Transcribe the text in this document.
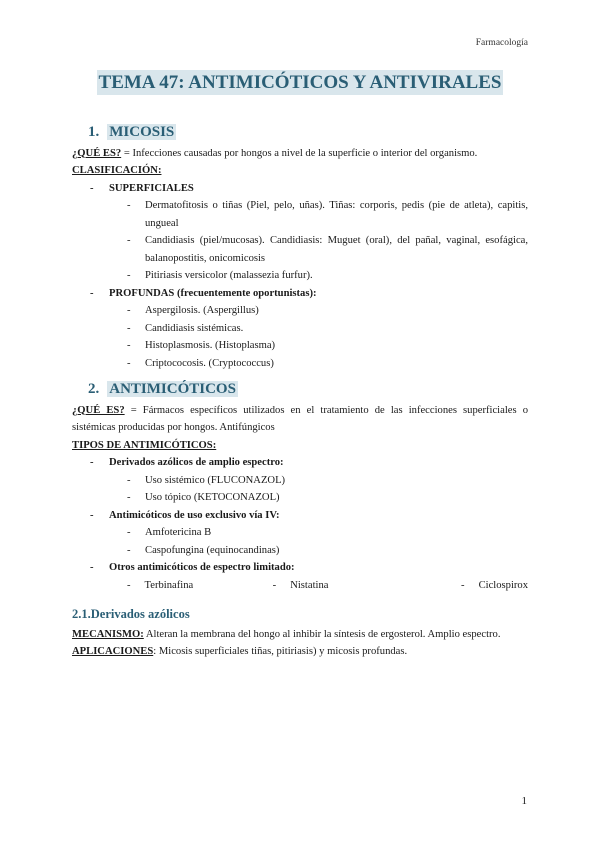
Farmacología
TEMA 47: ANTIMICÓTICOS Y ANTIVIRALES
1. MICOSIS
¿QUÉ ES? = Infecciones causadas por hongos a nivel de la superficie o interior del organismo.
CLASIFICACIÓN:
- SUPERFICIALES
- Dermatofitosis o tiñas (Piel, pelo, uñas). Tiñas: corporis, pedis (pie de atleta), capitis, ungueal
- Candidiasis (piel/mucosas). Candidiasis: Muguet (oral), del pañal, vaginal, esofágica, balanopostitis, onicomicosis
- Pitiriasis versicolor (malassezia furfur).
- PROFUNDAS (frecuentemente oportunistas):
- Aspergilosis. (Aspergillus)
- Candidiasis sistémicas.
- Histoplasmosis. (Histoplasma)
- Criptococosis. (Cryptococcus)
2. ANTIMICÓTICOS
¿QUÉ ES? = Fármacos específicos utilizados en el tratamiento de las infecciones superficiales o sistémicas producidas por hongos. Antifúngicos
TIPOS DE ANTIMICÓTICOS:
- Derivados azólicos de amplio espectro:
- Uso sistémico (FLUCONAZOL)
- Uso tópico (KETOCONAZOL)
- Antimicóticos de uso exclusivo vía IV:
- Amfotericina B
- Caspofungina (equinocandinas)
- Otros antimicóticos de espectro limitado:
- Terbinafina	- Nistatina	- Ciclospirox
2.1.Derivados azólicos
MECANISMO: Alteran la membrana del hongo al inhibir la síntesis de ergosterol. Amplio espectro.
APLICACIONES: Micosis superficiales tiñas, pitiriasis) y micosis profundas.
1
